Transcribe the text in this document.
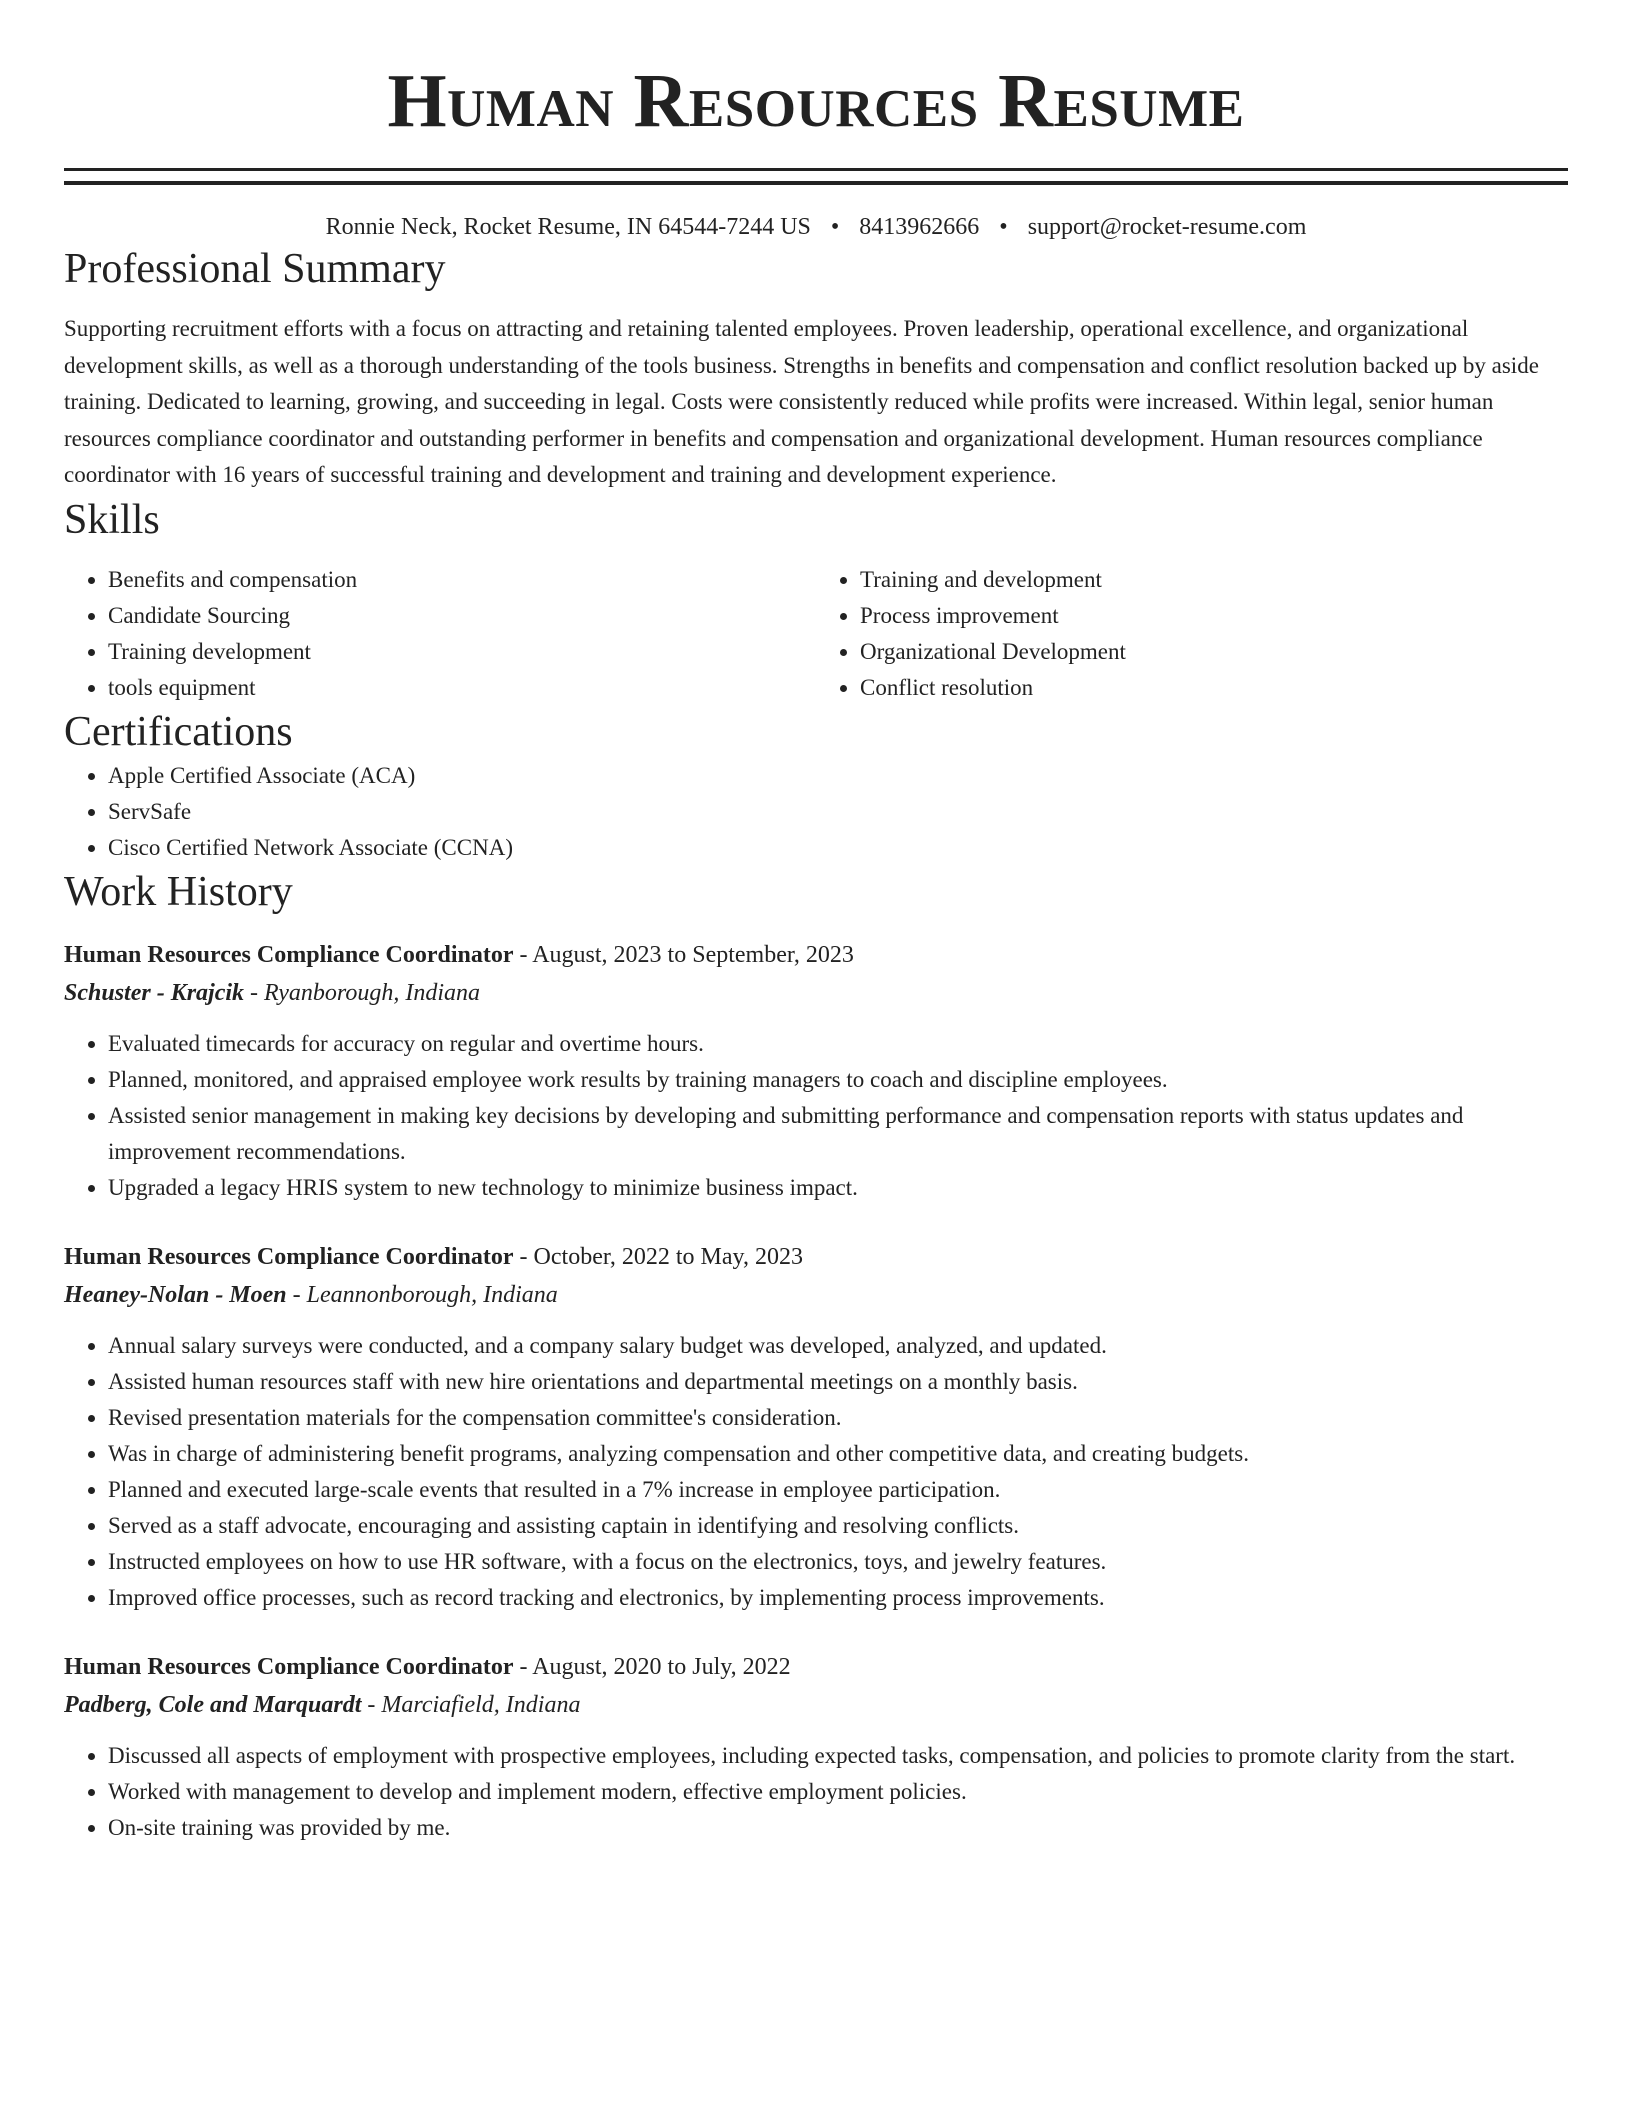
Human Resources Resume
Ronnie Neck, Rocket Resume, IN 64544-7244 US • 8413962666 • support@rocket-resume.com
Professional Summary

Supporting recruitment efforts with a focus on attracting and retaining talented employees. Proven leadership, operational excellence, and organizational development skills, as well as a thorough understanding of the tools business. Strengths in benefits and compensation and conflict resolution backed up by aside training. Dedicated to learning, growing, and succeeding in legal. Costs were consistently reduced while profits were increased. Within legal, senior human resources compliance coordinator and outstanding performer in benefits and compensation and organizational development. Human resources compliance coordinator with 16 years of successful training and development and training and development experience.

Skills
• Benefits and compensation
• Candidate Sourcing
• Training development
• tools equipment
• Training and development
• Process improvement
• Organizational Development
• Conflict resolution
Certifications
• Apple Certified Associate (ACA)
• ServSafe
• Cisco Certified Network Associate (CCNA)
Work History
Human Resources Compliance Coordinator - August, 2023 to September, 2023
Schuster - Krajcik - Ryanborough, Indiana
• Evaluated timecards for accuracy on regular and overtime hours.
• Planned, monitored, and appraised employee work results by training managers to coach and discipline employees.
• Assisted senior management in making key decisions by developing and submitting performance and compensation reports with status updates and improvement recommendations.
• Upgraded a legacy HRIS system to new technology to minimize business impact.
Human Resources Compliance Coordinator - October, 2022 to May, 2023
Heaney-Nolan - Moen - Leannonborough, Indiana
• Annual salary surveys were conducted, and a company salary budget was developed, analyzed, and updated.
• Assisted human resources staff with new hire orientations and departmental meetings on a monthly basis.
• Revised presentation materials for the compensation committee's consideration.
• Was in charge of administering benefit programs, analyzing compensation and other competitive data, and creating budgets.
• Planned and executed large-scale events that resulted in a 7% increase in employee participation.
• Served as a staff advocate, encouraging and assisting captain in identifying and resolving conflicts.
• Instructed employees on how to use HR software, with a focus on the electronics, toys, and jewelry features.
• Improved office processes, such as record tracking and electronics, by implementing process improvements.
Human Resources Compliance Coordinator - August, 2020 to July, 2022
Padberg, Cole and Marquardt - Marciafield, Indiana
• Discussed all aspects of employment with prospective employees, including expected tasks, compensation, and policies to promote clarity from the start.
• Worked with management to develop and implement modern, effective employment policies.
• On-site training was provided by me.
